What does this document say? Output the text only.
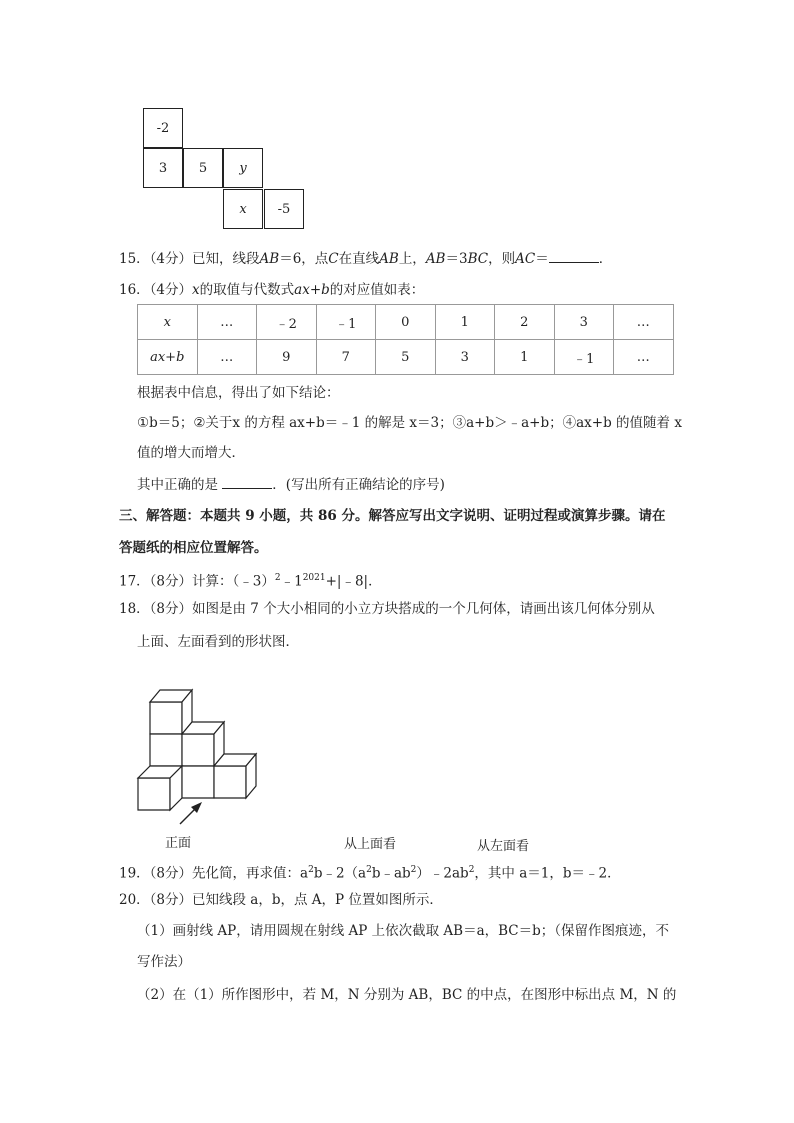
-2
3	5	y
x	-5
15．（4分）已知，线段AB＝6，点C在直线AB上，AB＝3BC，则AC＝	．
16．（4分）x的取值与代数式ax+b的对应值如表：
x	…	﹣2	﹣1	0	1	2	3	…
ax+b	…	9	7	5	3	1	﹣1	…
根据表中信息，得出了如下结论：
①b＝5；②关于x 的方程 ax+b＝﹣1 的解是 x＝3；③a+b＞﹣a+b；④ax+b 的值随着 x
值的增大而增大．
其中正确的是	．(写出所有正确结论的序号)
三、解答题：本题共 9 小题，共 86 分。解答应写出文字说明、证明过程或演算步骤。请在
答题纸的相应位置解答。
17．（8分）计算：$(﹣3)^2﹣1^{2021}+|﹣8|$．
18．（8分）如图是由 7 个大小相同的小立方块搭成的一个几何体，请画出该几何体分别从
上面、左面看到的形状图．
正面	从上面看	从左面看
19．（8分）先化简，再求值：$a^2b﹣2(a^2b﹣ab^2)﹣2ab^2$，其中 a＝1，b＝﹣2．
20．（8分）已知线段 a，b，点 A，P 位置如图所示．
（1）画射线 AP，请用圆规在射线 AP 上依次截取 AB＝a，BC＝b；（保留作图痕迹，不
写作法）
（2）在（1）所作图形中，若 M，N 分别为 AB，BC 的中点，在图形中标出点 M，N 的
